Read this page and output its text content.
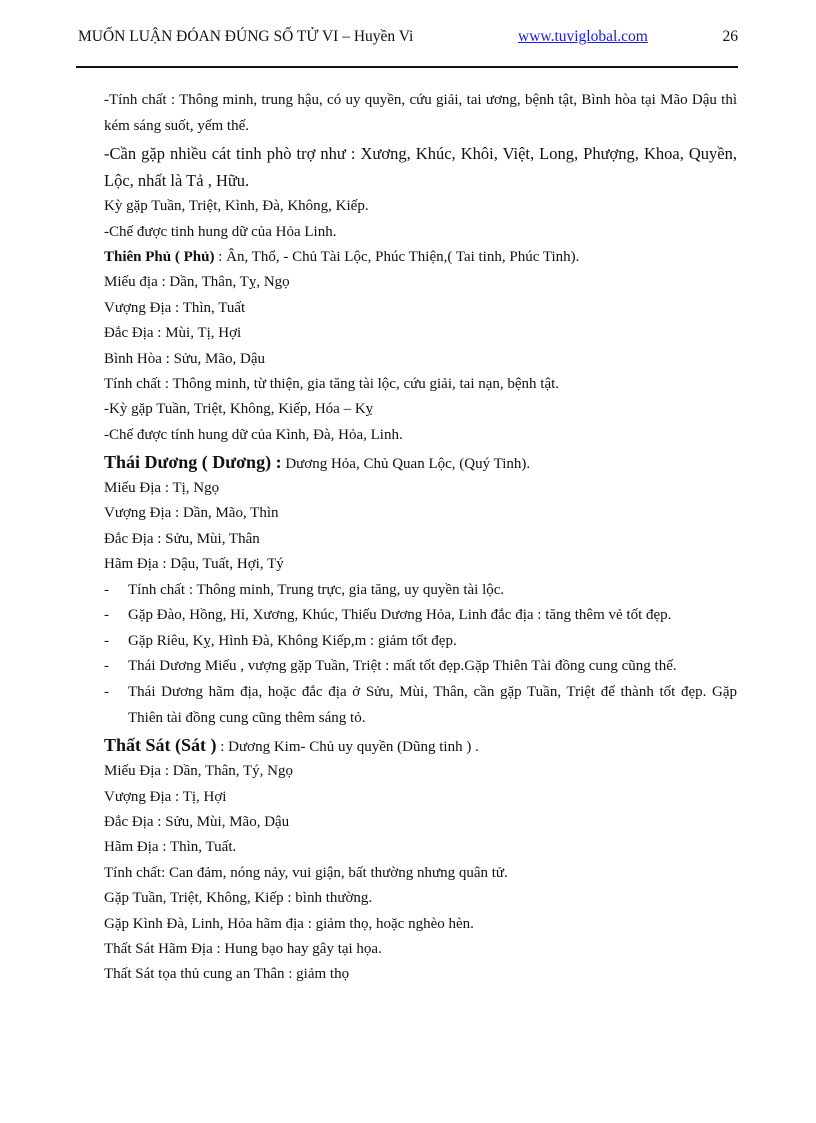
MUỐN LUẬN ĐÓAN ĐÚNG SỐ TỬ VI – Huyền Vi	www.tuviglobal.com	26
-Tính chất : Thông minh, trung hậu, có uy quyền, cứu giải, tai ương, bệnh tật, Bình hòa tại Mão Dậu thì kém sáng suốt, yếm thế.
-Cần gặp nhiều cát tinh phò trợ như : Xương, Khúc, Khôi, Việt, Long, Phượng, Khoa, Quyền, Lộc, nhất là Tả , Hữu.
Kỳ gặp Tuần, Triệt, Kình, Đà, Không, Kiếp.
-Chế được tinh hung dữ của Hỏa Linh.
Thiên Phủ ( Phủ) : Ân, Thổ, - Chủ Tài Lộc, Phúc Thiện,( Tai tinh, Phúc Tinh).
Miếu địa : Dần, Thân, Tỵ, Ngọ
Vượng Địa : Thìn, Tuất
Đắc Địa : Mùi, Tị, Hợi
Bình Hòa : Sửu, Mão, Dậu
Tính chất : Thông minh, từ thiện, gia tăng tài lộc, cứu giải, tai nạn, bệnh tật.
-Kỳ gặp Tuần, Triệt, Không, Kiếp, Hóa – Kỵ
-Chế được tính hung dữ của Kình, Đà, Hỏa, Linh.
Thái Dương ( Dương) : Dương Hỏa, Chủ Quan Lộc, (Quý Tinh).
Miếu Địa : Tị, Ngọ
Vượng Địa : Dần, Mão, Thìn
Đắc Địa : Sửu, Mùi, Thân
Hãm Địa : Dậu, Tuất, Hợi, Tý
- Tính chất : Thông minh, Trung trực, gia tăng, uy quyền tài lộc.
- Gặp Đào, Hồng, Hỉ, Xương, Khúc, Thiếu Dương Hỏa, Linh đắc địa : tăng thêm vẻ tốt đẹp.
- Gặp Riêu, Kỵ, Hình Đà, Không Kiếp,m : giảm tốt đẹp.
- Thái Dương Miếu , vượng gặp Tuần, Triệt : mất tốt đẹp.Gặp Thiên Tài đồng cung cũng thế.
- Thái Dương hãm địa, hoặc đắc địa ở Sửu, Mùi, Thân, cần gặp Tuần, Triệt để thành tốt đẹp. Gặp Thiên tài đồng cung cũng thêm sáng tỏ.
Thất Sát (Sát ) : Dương Kim- Chủ uy quyền (Dũng tinh ) .
Miếu Địa : Dần, Thân, Tý, Ngọ
Vượng Địa : Tị, Hợi
Đắc Địa : Sửu, Mùi, Mão, Dậu
Hãm Địa : Thìn, Tuất.
Tính chất: Can đảm, nóng nảy, vui giận, bất thường nhưng quân tử.
Gặp Tuần, Triệt, Không, Kiếp : bình thường.
Gặp Kình Đà, Linh, Hỏa hãm địa : giảm thọ, hoặc nghèo hèn.
Thất Sát Hãm Địa : Hung bạo hay gây tại họa.
Thất Sát tọa thủ cung an Thân : giảm thọ
